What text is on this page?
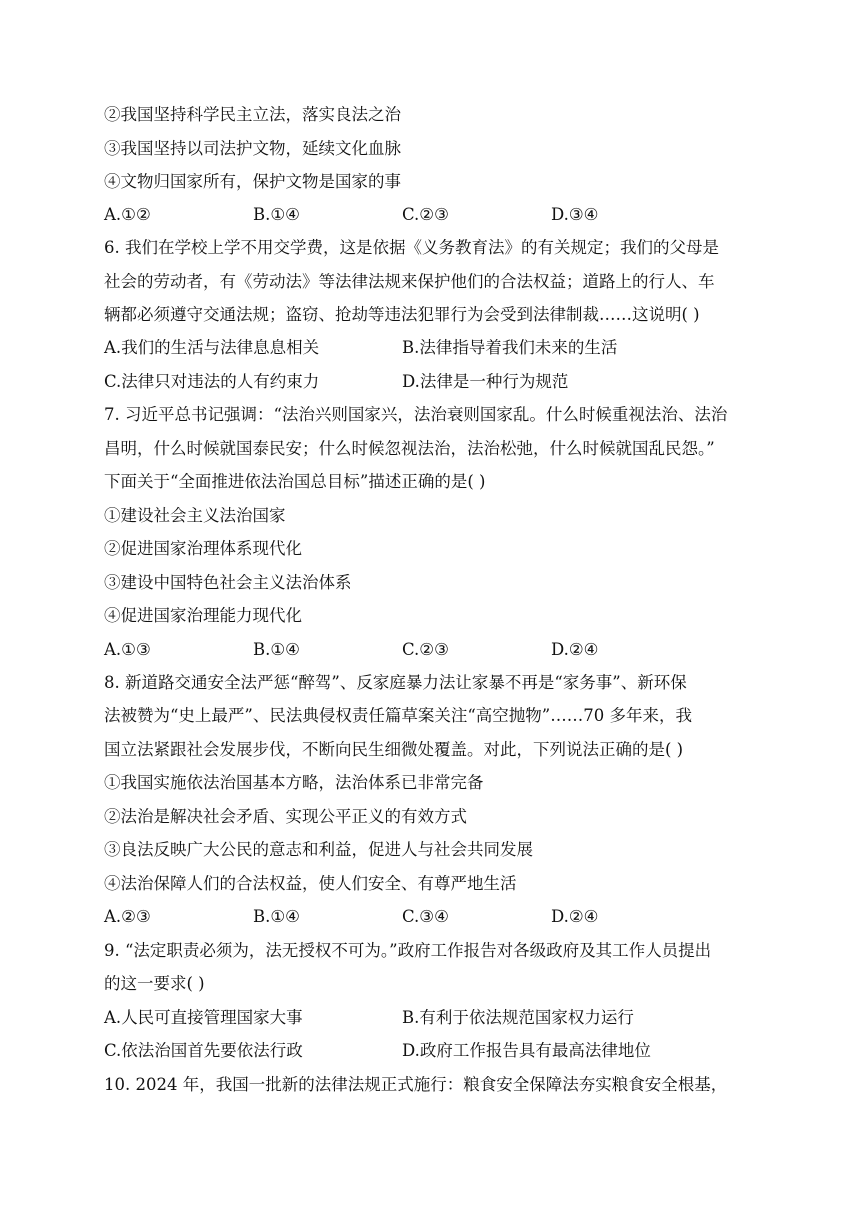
②我国坚持科学民主立法，落实良法之治
③我国坚持以司法护文物，延续文化血脉
④文物归国家所有，保护文物是国家的事
A.①②	B.①④	C.②③	D.③④
6. 我们在学校上学不用交学费，这是依据《义务教育法》的有关规定；我们的父母是
社会的劳动者，有《劳动法》等法律法规来保护他们的合法权益；道路上的行人、车
辆都必须遵守交通法规；盗窃、抢劫等违法犯罪行为会受到法律制裁……这说明( )
A.我们的生活与法律息息相关	B.法律指导着我们未来的生活
C.法律只对违法的人有约束力	D.法律是一种行为规范
7. 习近平总书记强调：“法治兴则国家兴，法治衰则国家乱。什么时候重视法治、法治
昌明，什么时候就国泰民安；什么时候忽视法治，法治松弛，什么时候就国乱民怨。”
下面关于“全面推进依法治国总目标”描述正确的是( )
①建设社会主义法治国家
②促进国家治理体系现代化
③建设中国特色社会主义法治体系
④促进国家治理能力现代化
A.①③	B.①④	C.②③	D.②④
8. 新道路交通安全法严惩“醉驾”、反家庭暴力法让家暴不再是“家务事”、新环保
法被赞为“史上最严”、民法典侵权责任篇草案关注“高空抛物”……70 多年来，我
国立法紧跟社会发展步伐，不断向民生细微处覆盖。对此，下列说法正确的是( )
①我国实施依法治国基本方略，法治体系已非常完备
②法治是解决社会矛盾、实现公平正义的有效方式
③良法反映广大公民的意志和利益，促进人与社会共同发展
④法治保障人们的合法权益，使人们安全、有尊严地生活
A.②③	B.①④	C.③④	D.②④
9. “法定职责必须为，法无授权不可为。”政府工作报告对各级政府及其工作人员提出
的这一要求( )
A.人民可直接管理国家大事	B.有利于依法规范国家权力运行
C.依法治国首先要依法行政	D.政府工作报告具有最高法律地位
10. 2024 年，我国一批新的法律法规正式施行：粮食安全保障法夯实粮食安全根基，
